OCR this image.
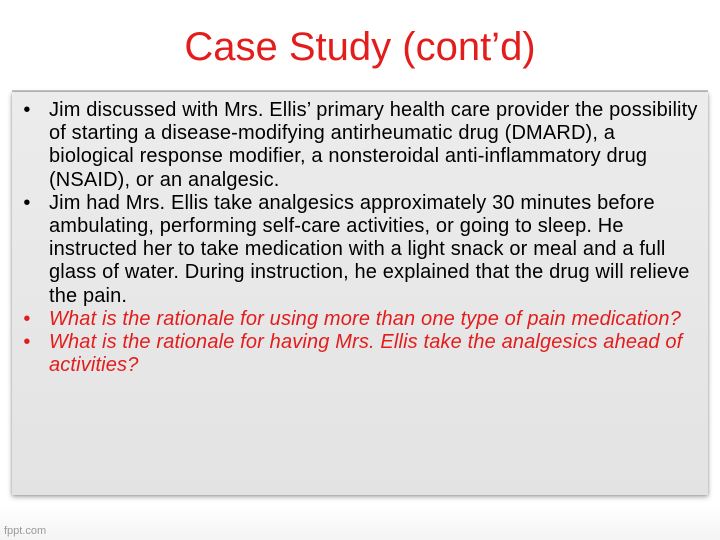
Case Study (cont’d)
• Jim discussed with Mrs. Ellis’ primary health care provider the possibility of starting a disease-modifying antirheumatic drug (DMARD), a biological response modifier, a nonsteroidal anti-inflammatory drug (NSAID), or an analgesic.
• Jim had Mrs. Ellis take analgesics approximately 30 minutes before ambulating, performing self-care activities, or going to sleep. He instructed her to take medication with a light snack or meal and a full glass of water. During instruction, he explained that the drug will relieve the pain.
• What is the rationale for using more than one type of pain medication?
• What is the rationale for having Mrs. Ellis take the analgesics ahead of activities?
fppt.com
